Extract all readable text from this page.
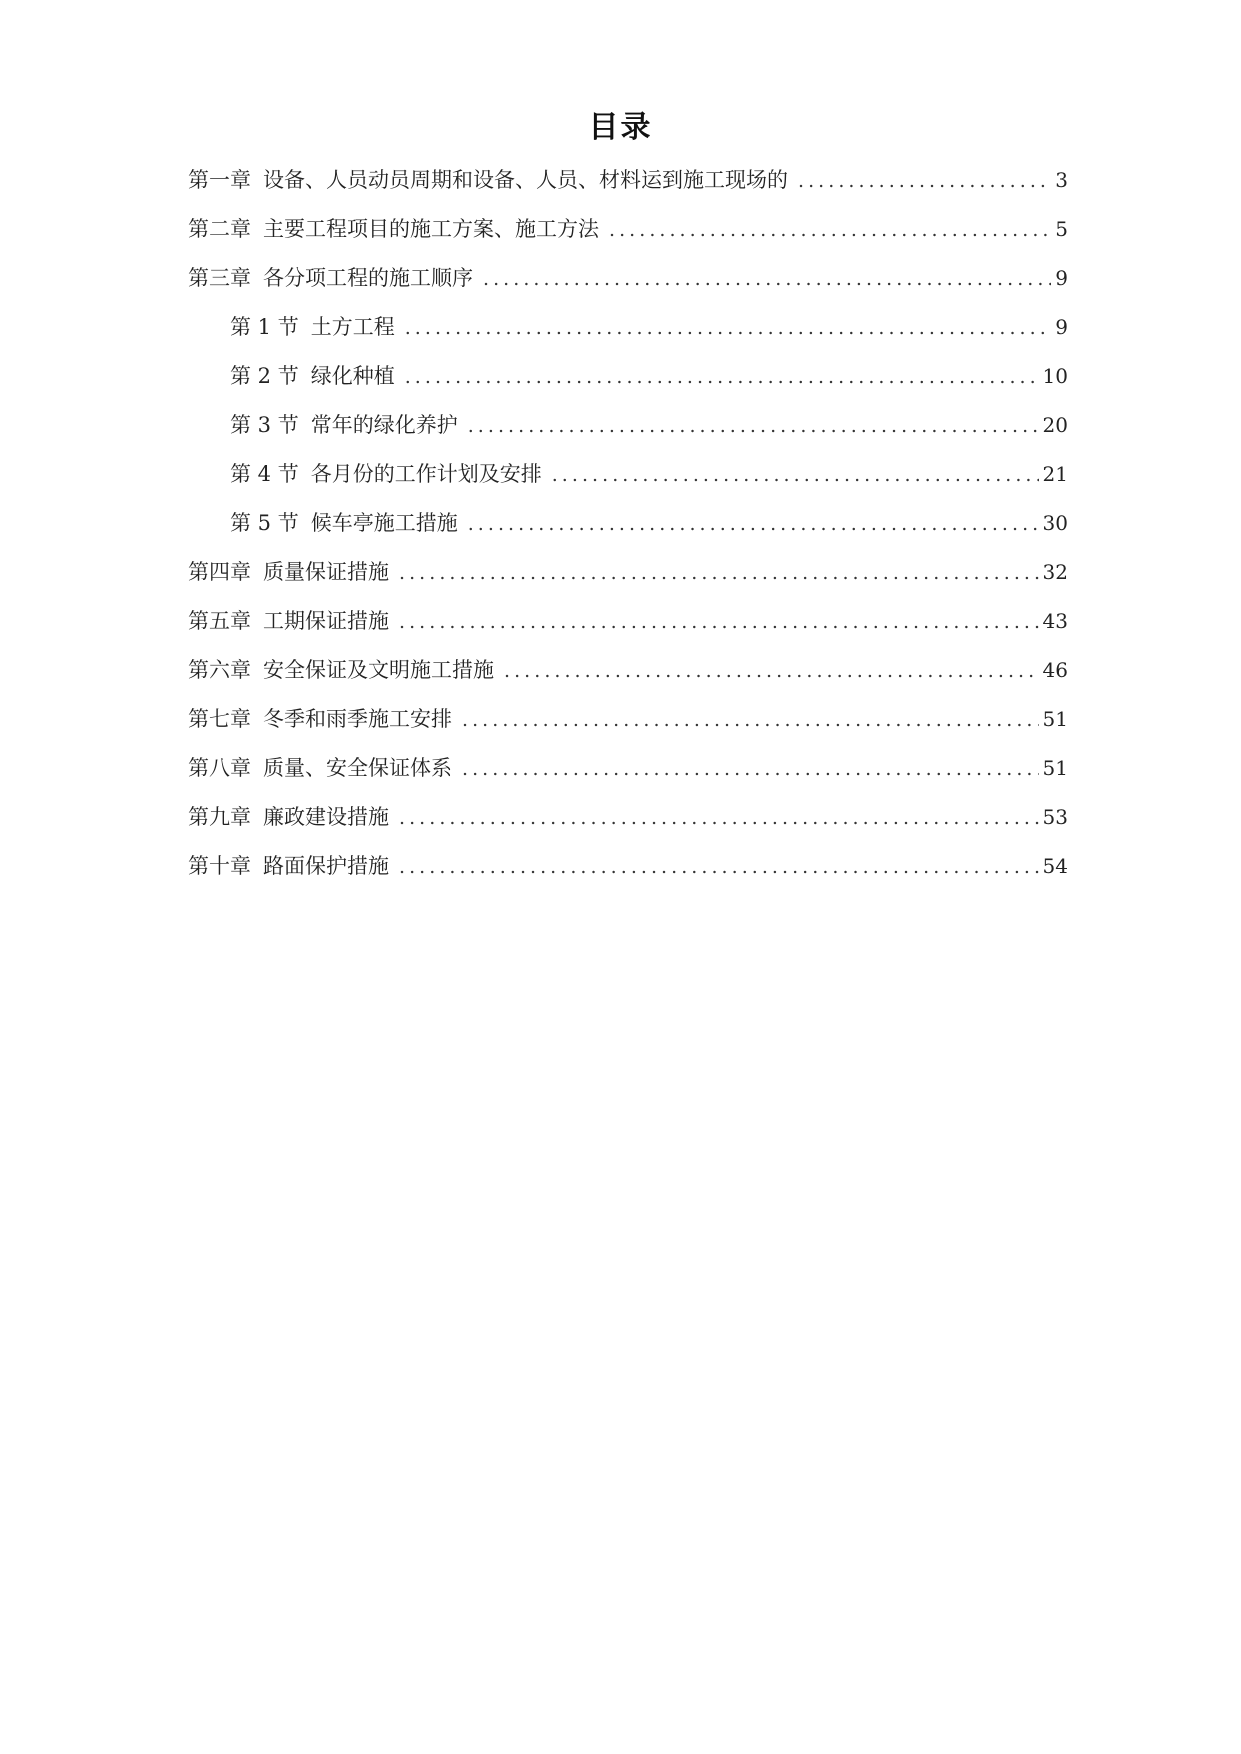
目录
第一章 设备、人员动员周期和设备、人员、材料运到施工现场的 . . .	3
第二章 主要工程项目的施工方案、施工方法 . . .	5
第三章 各分项工程的施工顺序 . . .	9
第 1 节 土方工程 . . .	9
第 2 节 绿化种植 . . .	10
第 3 节 常年的绿化养护 . . .	20
第 4 节 各月份的工作计划及安排 . . .	21
第 5 节 候车亭施工措施 . . .	30
第四章 质量保证措施 . . .	32
第五章 工期保证措施 . . .	43
第六章 安全保证及文明施工措施 . . .	46
第七章 冬季和雨季施工安排 . . .	51
第八章 质量、安全保证体系 . . .	51
第九章 廉政建设措施 . . .	53
第十章 路面保护措施 . . .	54
